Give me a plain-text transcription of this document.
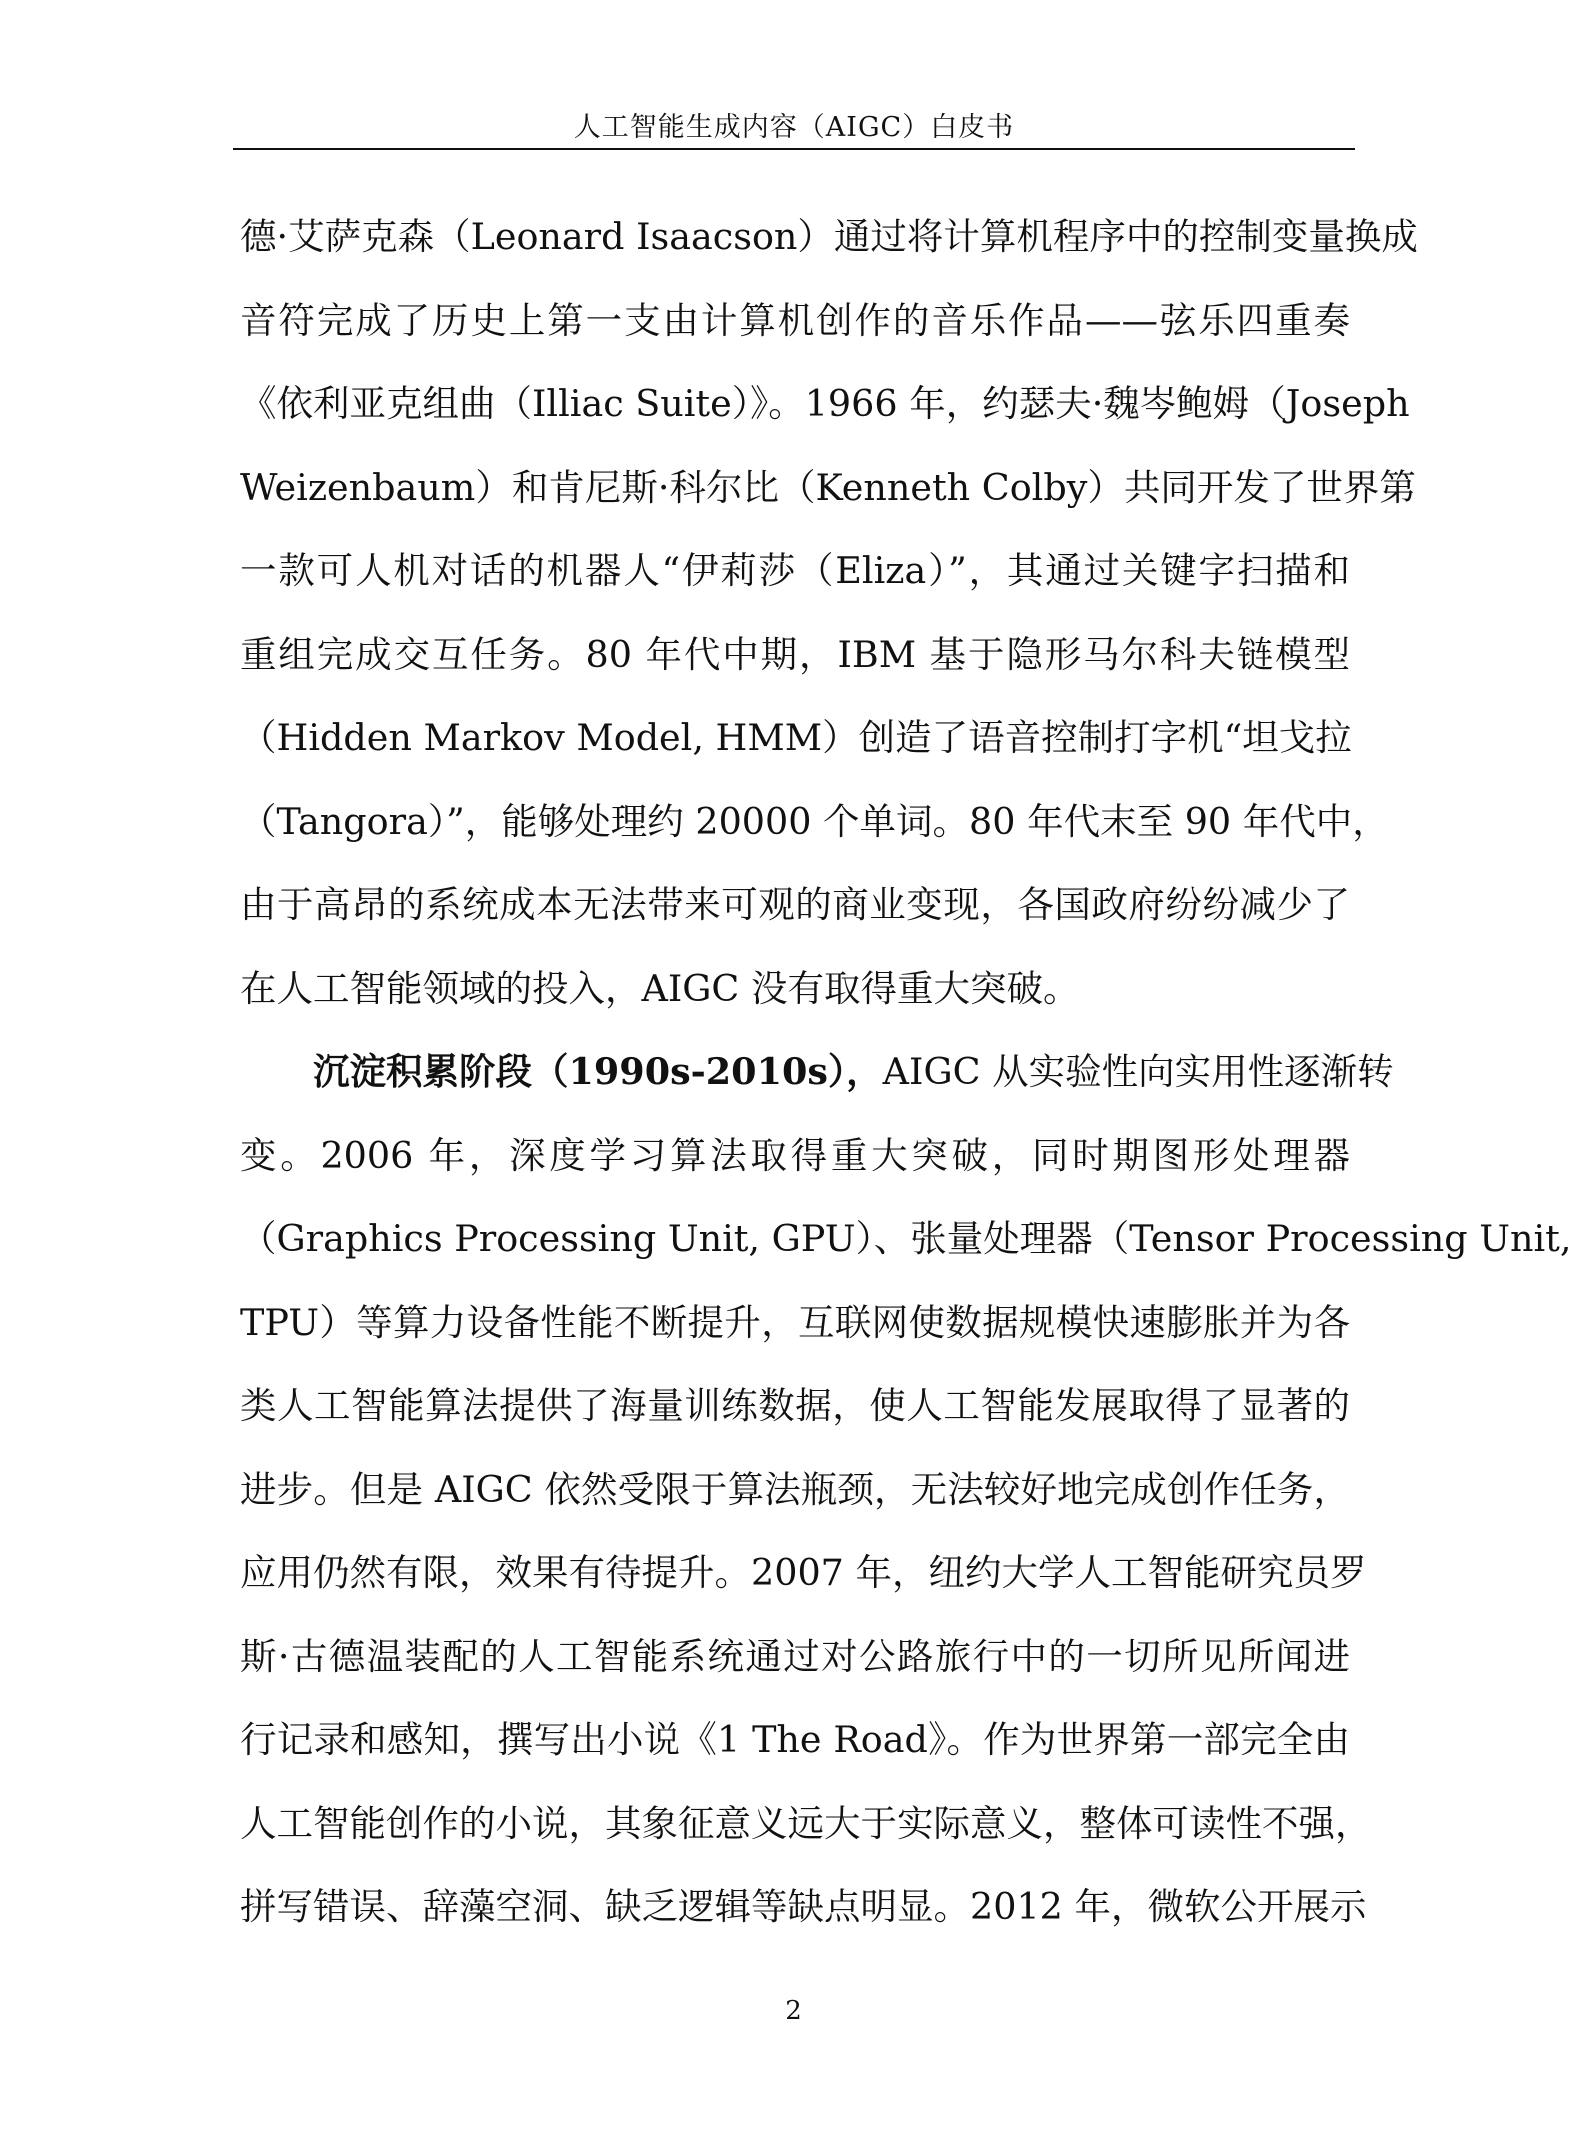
人工智能生成内容（AIGC）白皮书
德·艾萨克森（Leonard Isaacson）通过将计算机程序中的控制变量换成
音符完成了历史上第一支由计算机创作的音乐作品——弦乐四重奏
《依利亚克组曲（Illiac Suite）》。1966 年，约瑟夫·魏岑鲍姆（Joseph
Weizenbaum）和肯尼斯·科尔比（Kenneth Colby）共同开发了世界第
一款可人机对话的机器人“伊莉莎（Eliza）”，其通过关键字扫描和
重组完成交互任务。80 年代中期，IBM 基于隐形马尔科夫链模型
（Hidden Markov Model, HMM）创造了语音控制打字机“坦戈拉
（Tangora）”，能够处理约 20000 个单词。80 年代末至 90 年代中，
由于高昂的系统成本无法带来可观的商业变现，各国政府纷纷减少了
在人工智能领域的投入，AIGC 没有取得重大突破。
沉淀积累阶段（1990s-2010s），AIGC 从实验性向实用性逐渐转
变。2006 年，深度学习算法取得重大突破，同时期图形处理器
（Graphics Processing Unit, GPU）、张量处理器（Tensor Processing Unit,
TPU）等算力设备性能不断提升，互联网使数据规模快速膨胀并为各
类人工智能算法提供了海量训练数据，使人工智能发展取得了显著的
进步。但是 AIGC 依然受限于算法瓶颈，无法较好地完成创作任务，
应用仍然有限，效果有待提升。2007 年，纽约大学人工智能研究员罗
斯·古德温装配的人工智能系统通过对公路旅行中的一切所见所闻进
行记录和感知，撰写出小说《1 The Road》。作为世界第一部完全由
人工智能创作的小说，其象征意义远大于实际意义，整体可读性不强，
拼写错误、辞藻空洞、缺乏逻辑等缺点明显。2012 年，微软公开展示
2
